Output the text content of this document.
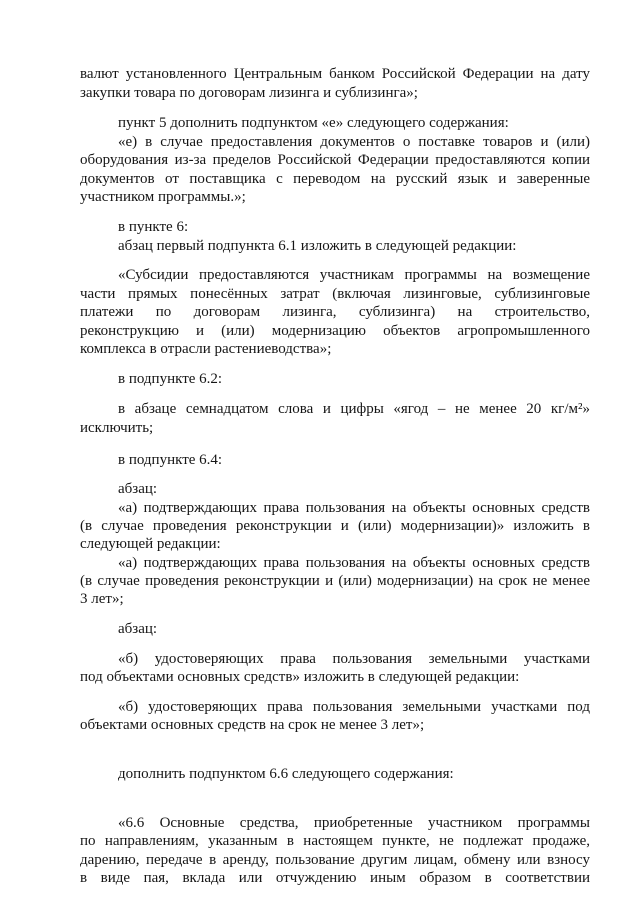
валют установленного Центральным банком Российской Федерации на дату
закупки товара по договорам лизинга и сублизинга»;
пункт 5 дополнить подпунктом «е» следующего содержания:
«е) в случае предоставления документов о поставке товаров и (или)
оборудования из-за пределов Российской Федерации предоставляются копии
документов от поставщика с переводом на русский язык и заверенные
участником программы.»;
в пункте 6:
абзац первый подпункта 6.1 изложить в следующей редакции:
«Субсидии предоставляются участникам программы на возмещение
части прямых понесённых затрат (включая лизинговые, сублизинговые
платежи по договорам лизинга, сублизинга) на строительство,
реконструкцию и (или) модернизацию объектов агропромышленного
комплекса в отрасли растениеводства»;
в подпункте 6.2:
в абзаце семнадцатом слова и цифры «ягод – не менее 20 кг/м²»
исключить;
в подпункте 6.4:
абзац:
«а) подтверждающих права пользования на объекты основных средств
(в случае проведения реконструкции и (или) модернизации)» изложить в
следующей редакции:
«а) подтверждающих права пользования на объекты основных средств
(в случае проведения реконструкции и (или) модернизации) на срок не менее
3 лет»;
абзац:
«б) удостоверяющих права пользования земельными участками
под объектами основных средств» изложить в следующей редакции:
«б) удостоверяющих права пользования земельными участками под
объектами основных средств на срок не менее 3 лет»;
дополнить подпунктом 6.6 следующего содержания:
«6.6 Основные средства, приобретенные участником программы
по направлениям, указанным в настоящем пункте, не подлежат продаже,
дарению, передаче в аренду, пользование другим лицам, обмену или взносу
в виде пая, вклада или отчуждению иным образом в соответствии
